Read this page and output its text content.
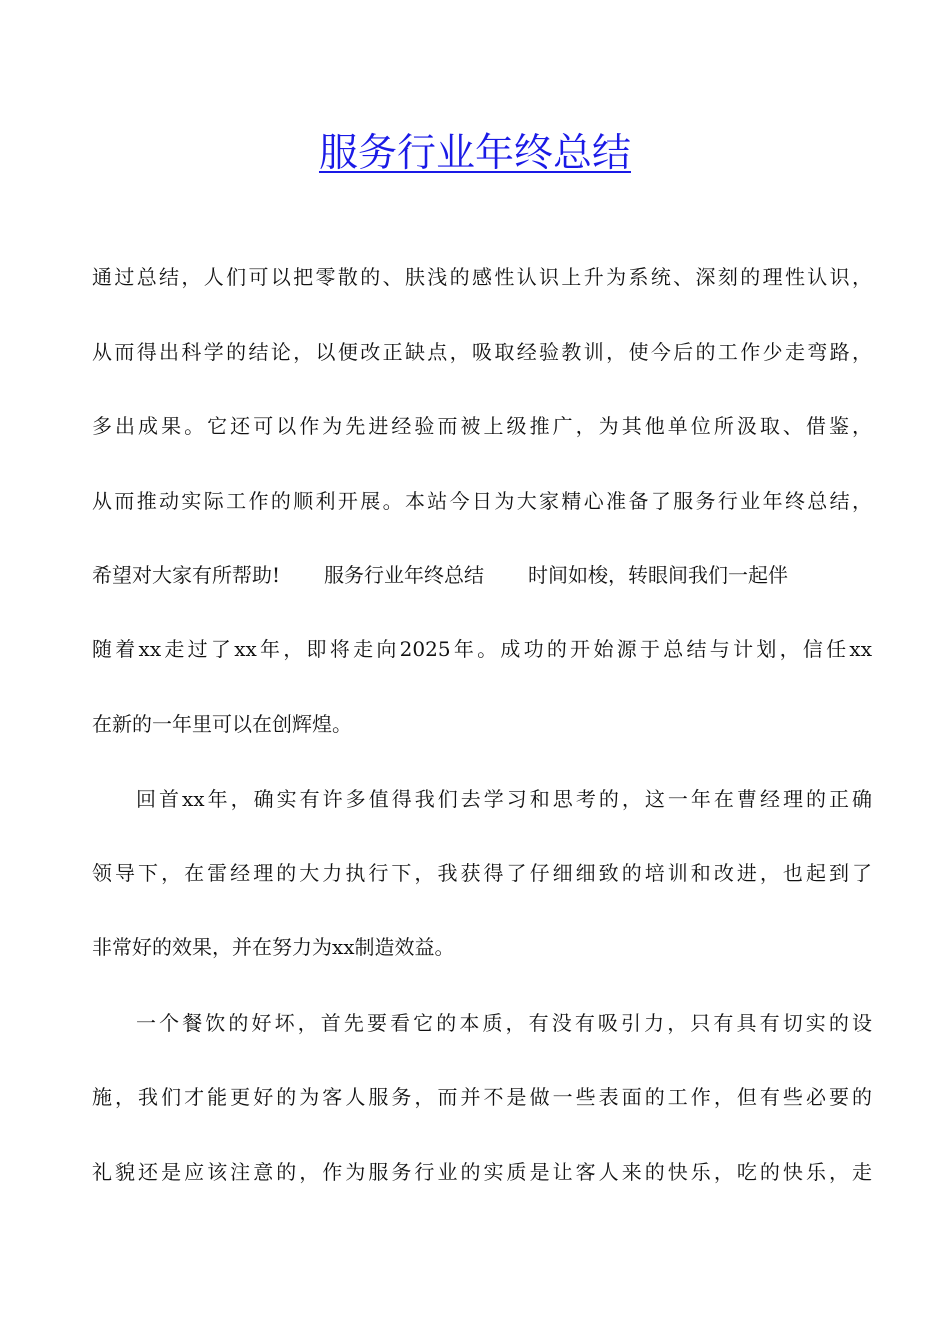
服务行业年终总结

通过总结，人们可以把零散的、肤浅的感性认识上升为系统、深刻的理性认识，

从而得出科学的结论，以便改正缺点，吸取经验教训，使今后的工作少走弯路，

多出成果。它还可以作为先进经验而被上级推广，为其他单位所汲取、借鉴，

从而推动实际工作的顺利开展。本站今日为大家精心准备了服务行业年终总结，

希望对大家有所帮助! 服务行业年终总结 时间如梭，转眼间我们一起伴

随着xx走过了xx年，即将走向2025年。成功的开始源于总结与计划，信任xx

在新的一年里可以在创辉煌。

回首xx年，确实有许多值得我们去学习和思考的，这一年在曹经理的正确

领导下，在雷经理的大力执行下，我获得了仔细细致的培训和改进，也起到了

非常好的效果，并在努力为xx制造效益。

一个餐饮的好坏，首先要看它的本质，有没有吸引力，只有具有切实的设

施，我们才能更好的为客人服务，而并不是做一些表面的工作，但有些必要的

礼貌还是应该注意的，作为服务行业的实质是让客人来的快乐，吃的快乐，走
